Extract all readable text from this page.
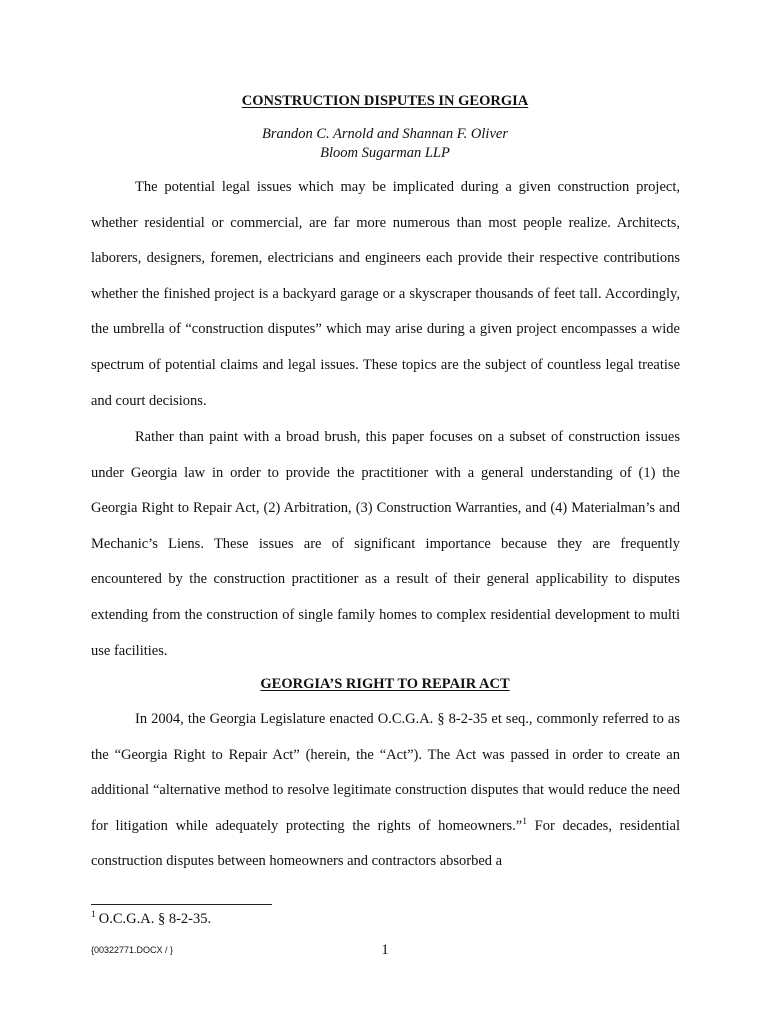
CONSTRUCTION DISPUTES IN GEORGIA
Brandon C. Arnold and Shannan F. Oliver
Bloom Sugarman LLP

The potential legal issues which may be implicated during a given construction project, whether residential or commercial, are far more numerous than most people realize. Architects, laborers, designers, foremen, electricians and engineers each provide their respective contributions whether the finished project is a backyard garage or a skyscraper thousands of feet tall. Accordingly, the umbrella of “construction disputes” which may arise during a given project encompasses a wide spectrum of potential claims and legal issues. These topics are the subject of countless legal treatise and court decisions.

Rather than paint with a broad brush, this paper focuses on a subset of construction issues under Georgia law in order to provide the practitioner with a general understanding of (1) the Georgia Right to Repair Act, (2) Arbitration, (3) Construction Warranties, and (4) Materialman’s and Mechanic’s Liens. These issues are of significant importance because they are frequently encountered by the construction practitioner as a result of their general applicability to disputes extending from the construction of single family homes to complex residential development to multi use facilities.

GEORGIA’S RIGHT TO REPAIR ACT

In 2004, the Georgia Legislature enacted O.C.G.A. § 8-2-35 et seq., commonly referred to as the “Georgia Right to Repair Act” (herein, the “Act”). The Act was passed in order to create an additional “alternative method to resolve legitimate construction disputes that would reduce the need for litigation while adequately protecting the rights of homeowners.”$^1$ For decades, residential construction disputes between homeowners and contractors absorbed a

$^1$ O.C.G.A. § 8-2-35.
{00322771.DOCX / }	1
